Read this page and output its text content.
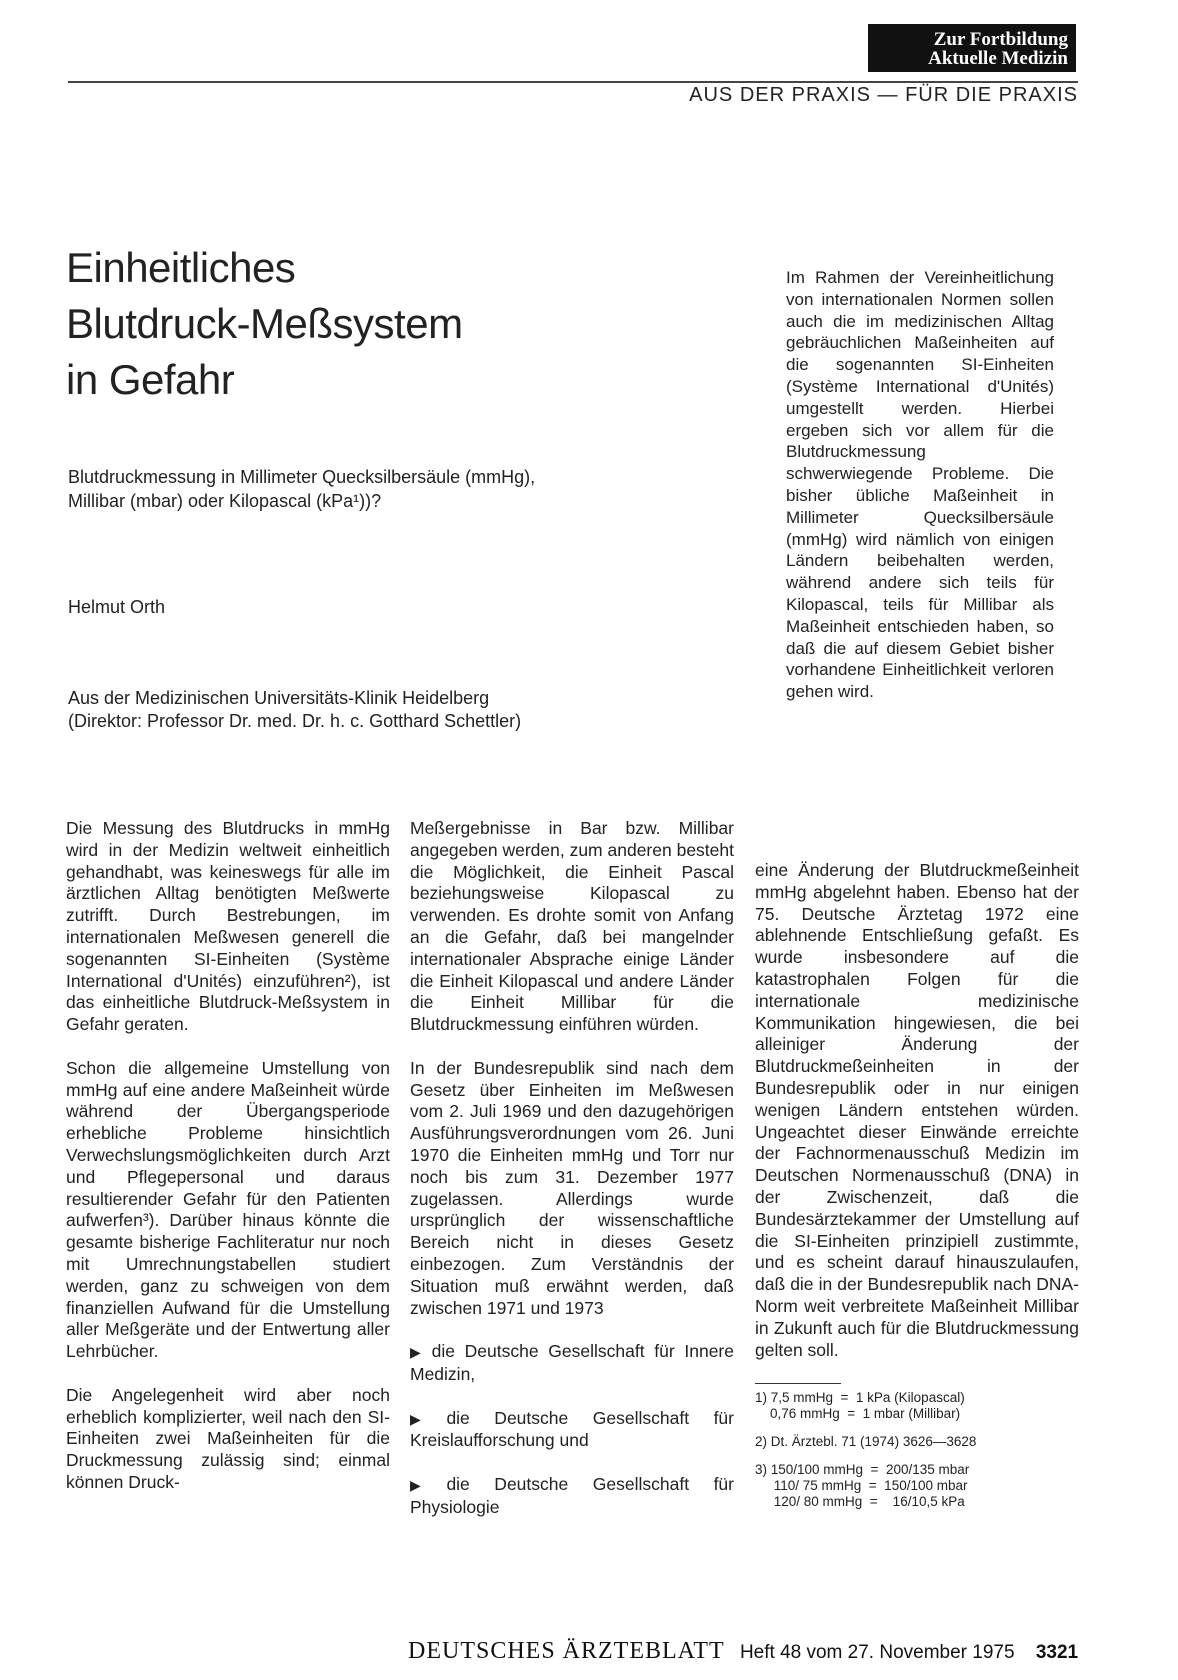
Zur Fortbildung
Aktuelle Medizin
AUS DER PRAXIS — FÜR DIE PRAXIS
Einheitliches
Blutdruck-Meßsystem
in Gefahr
Blutdruckmessung in Millimeter Quecksilbersäule (mmHg),
Millibar (mbar) oder Kilopascal (kPa¹))?
Helmut Orth
Aus der Medizinischen Universitäts-Klinik Heidelberg
(Direktor: Professor Dr. med. Dr. h. c. Gotthard Schettler)
Im Rahmen der Vereinheitlichung von internationalen Normen sollen auch die im medizinischen Alltag gebräuchlichen Maßeinheiten auf die sogenannten SI-Einheiten (Système International d'Unités) umgestellt werden. Hierbei ergeben sich vor allem für die Blutdruckmessung schwerwiegende Probleme. Die bisher übliche Maßeinheit in Millimeter Quecksilbersäule (mmHg) wird nämlich von einigen Ländern beibehalten werden, während andere sich teils für Kilopascal, teils für Millibar als Maßeinheit entschieden haben, so daß die auf diesem Gebiet bisher vorhandene Einheitlichkeit verloren gehen wird.

Die Messung des Blutdrucks in mmHg wird in der Medizin weltweit einheitlich gehandhabt, was keineswegs für alle im ärztlichen Alltag benötigten Meßwerte zutrifft. Durch Bestrebungen, im internationalen Meßwesen generell die sogenannten SI-Einheiten (Système International d'Unités) einzuführen²), ist das einheitliche Blutdruck-Meßsystem in Gefahr geraten.

Schon die allgemeine Umstellung von mmHg auf eine andere Maßeinheit würde während der Übergangsperiode erhebliche Probleme hinsichtlich Verwechslungsmöglichkeiten durch Arzt und Pflegepersonal und daraus resultierender Gefahr für den Patienten aufwerfen³). Darüber hinaus könnte die gesamte bisherige Fachliteratur nur noch mit Umrechnungstabellen studiert werden, ganz zu schweigen von dem finanziellen Aufwand für die Umstellung aller Meßgeräte und der Entwertung aller Lehrbücher.

Die Angelegenheit wird aber noch erheblich komplizierter, weil nach den SI-Einheiten zwei Maßeinheiten für die Druckmessung zulässig sind; einmal können Druck-

Meßergebnisse in Bar bzw. Millibar angegeben werden, zum anderen besteht die Möglichkeit, die Einheit Pascal beziehungsweise Kilopascal zu verwenden. Es drohte somit von Anfang an die Gefahr, daß bei mangelnder internationaler Absprache einige Länder die Einheit Kilopascal und andere Länder die Einheit Millibar für die Blutdruckmessung einführen würden.

In der Bundesrepublik sind nach dem Gesetz über Einheiten im Meßwesen vom 2. Juli 1969 und den dazugehörigen Ausführungsverordnungen vom 26. Juni 1970 die Einheiten mmHg und Torr nur noch bis zum 31. Dezember 1977 zugelassen. Allerdings wurde ursprünglich der wissenschaftliche Bereich nicht in dieses Gesetz einbezogen. Zum Verständnis der Situation muß erwähnt werden, daß zwischen 1971 und 1973

▶ die Deutsche Gesellschaft für Innere Medizin,
▶ die Deutsche Gesellschaft für Kreislaufforschung und
▶ die Deutsche Gesellschaft für Physiologie

eine Änderung der Blutdruckmeßeinheit mmHg abgelehnt haben. Ebenso hat der 75. Deutsche Ärztetag 1972 eine ablehnende Entschließung gefaßt. Es wurde insbesondere auf die katastrophalen Folgen für die internationale medizinische Kommunikation hingewiesen, die bei alleiniger Änderung der Blutdruckmeßeinheiten in der Bundesrepublik oder in nur einigen wenigen Ländern entstehen würden. Ungeachtet dieser Einwände erreichte der Fachnormenausschuß Medizin im Deutschen Normenausschuß (DNA) in der Zwischenzeit, daß die Bundesärztekammer der Umstellung auf die SI-Einheiten prinzipiell zustimmte, und es scheint darauf hinauszulaufen, daß die in der Bundesrepublik nach DNA-Norm weit verbreitete Maßeinheit Millibar in Zukunft auch für die Blutdruckmessung gelten soll.

1) 7,5 mmHg  =  1 kPa (Kilopascal)
0,76 mmHg  =  1 mbar (Millibar)
2) Dt. Ärztebl. 71 (1974) 3626—3628
3) 150/100 mmHg  =  200/135 mbar
110/ 75 mmHg  =  150/100 mbar
120/ 80 mmHg  =    16/10,5 kPa
DEUTSCHES ÄRZTEBLATT Heft 48 vom 27. November 1975 3321
